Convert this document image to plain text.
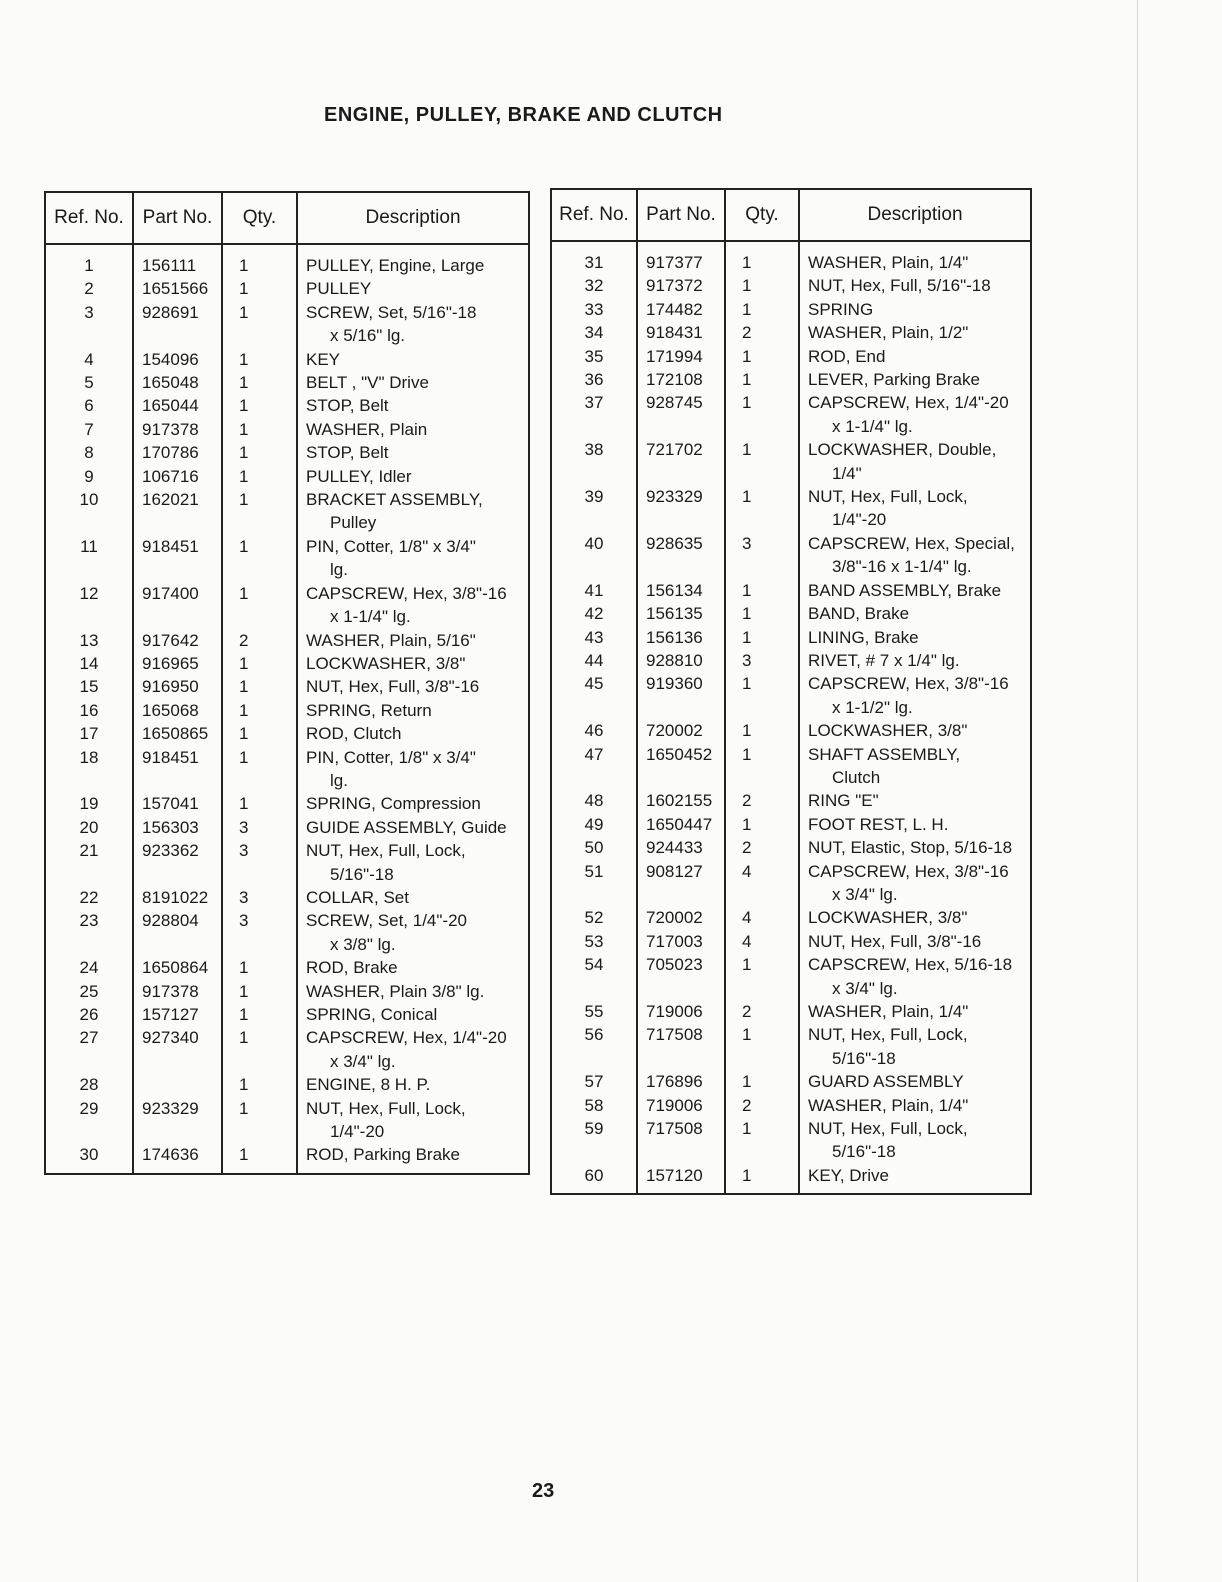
ENGINE, PULLEY, BRAKE AND CLUTCH
Ref. No.	Part No.	Qty.	Description
1	156111	1	PULLEY, Engine, Large

2	1651566	1	PULLEY

3	928691	1	SCREW, Set, 5/16"-18
x 5/16" lg.

4	154096	1	KEY

5	165048	1	BELT , "V" Drive

6	165044	1	STOP, Belt

7	917378	1	WASHER, Plain

8	170786	1	STOP, Belt

9	106716	1	PULLEY, Idler

10	162021	1	BRACKET ASSEMBLY,
Pulley

11	918451	1	PIN, Cotter, 1/8" x 3/4"
lg.

12	917400	1	CAPSCREW, Hex, 3/8"-16
x 1-1/4" lg.

13	917642	2	WASHER, Plain, 5/16"

14	916965	1	LOCKWASHER, 3/8"

15	916950	1	NUT, Hex, Full, 3/8"-16

16	165068	1	SPRING, Return

17	1650865	1	ROD, Clutch

18	918451	1	PIN, Cotter, 1/8" x 3/4"
lg.

19	157041	1	SPRING, Compression

20	156303	3	GUIDE ASSEMBLY, Guide

21	923362	3	NUT, Hex, Full, Lock,
5/16"-18

22	8191022	3	COLLAR, Set

23	928804	3	SCREW, Set, 1/4"-20
x 3/8" lg.

24	1650864	1	ROD, Brake

25	917378	1	WASHER, Plain 3/8" lg.

26	157127	1	SPRING, Conical

27	927340	1	CAPSCREW, Hex, 1/4"-20
x 3/4" lg.

28		1	ENGINE, 8 H. P.

29	923329	1	NUT, Hex, Full, Lock,
1/4"-20

30	174636	1	ROD, Parking Brake
Ref. No.	Part No.	Qty.	Description
31	917377	1	WASHER, Plain, 1/4"

32	917372	1	NUT, Hex, Full, 5/16"-18

33	174482	1	SPRING

34	918431	2	WASHER, Plain, 1/2"

35	171994	1	ROD, End

36	172108	1	LEVER, Parking Brake

37	928745	1	CAPSCREW, Hex, 1/4"-20
x 1-1/4" lg.

38	721702	1	LOCKWASHER, Double,
1/4"

39	923329	1	NUT, Hex, Full, Lock,
1/4"-20

40	928635	3	CAPSCREW, Hex, Special,
3/8"-16 x 1-1/4" lg.

41	156134	1	BAND ASSEMBLY, Brake

42	156135	1	BAND, Brake

43	156136	1	LINING, Brake

44	928810	3	RIVET, # 7 x 1/4" lg.

45	919360	1	CAPSCREW, Hex, 3/8"-16
x 1-1/2" lg.

46	720002	1	LOCKWASHER, 3/8"

47	1650452	1	SHAFT ASSEMBLY,
Clutch

48	1602155	2	RING "E"

49	1650447	1	FOOT REST, L. H.

50	924433	2	NUT, Elastic, Stop, 5/16-18

51	908127	4	CAPSCREW, Hex, 3/8"-16
x 3/4" lg.

52	720002	4	LOCKWASHER, 3/8"

53	717003	4	NUT, Hex, Full, 3/8"-16

54	705023	1	CAPSCREW, Hex, 5/16-18
x 3/4" lg.

55	719006	2	WASHER, Plain, 1/4"

56	717508	1	NUT, Hex, Full, Lock,
5/16"-18

57	176896	1	GUARD ASSEMBLY

58	719006	2	WASHER, Plain, 1/4"

59	717508	1	NUT, Hex, Full, Lock,
5/16"-18

60	157120	1	KEY, Drive
23
